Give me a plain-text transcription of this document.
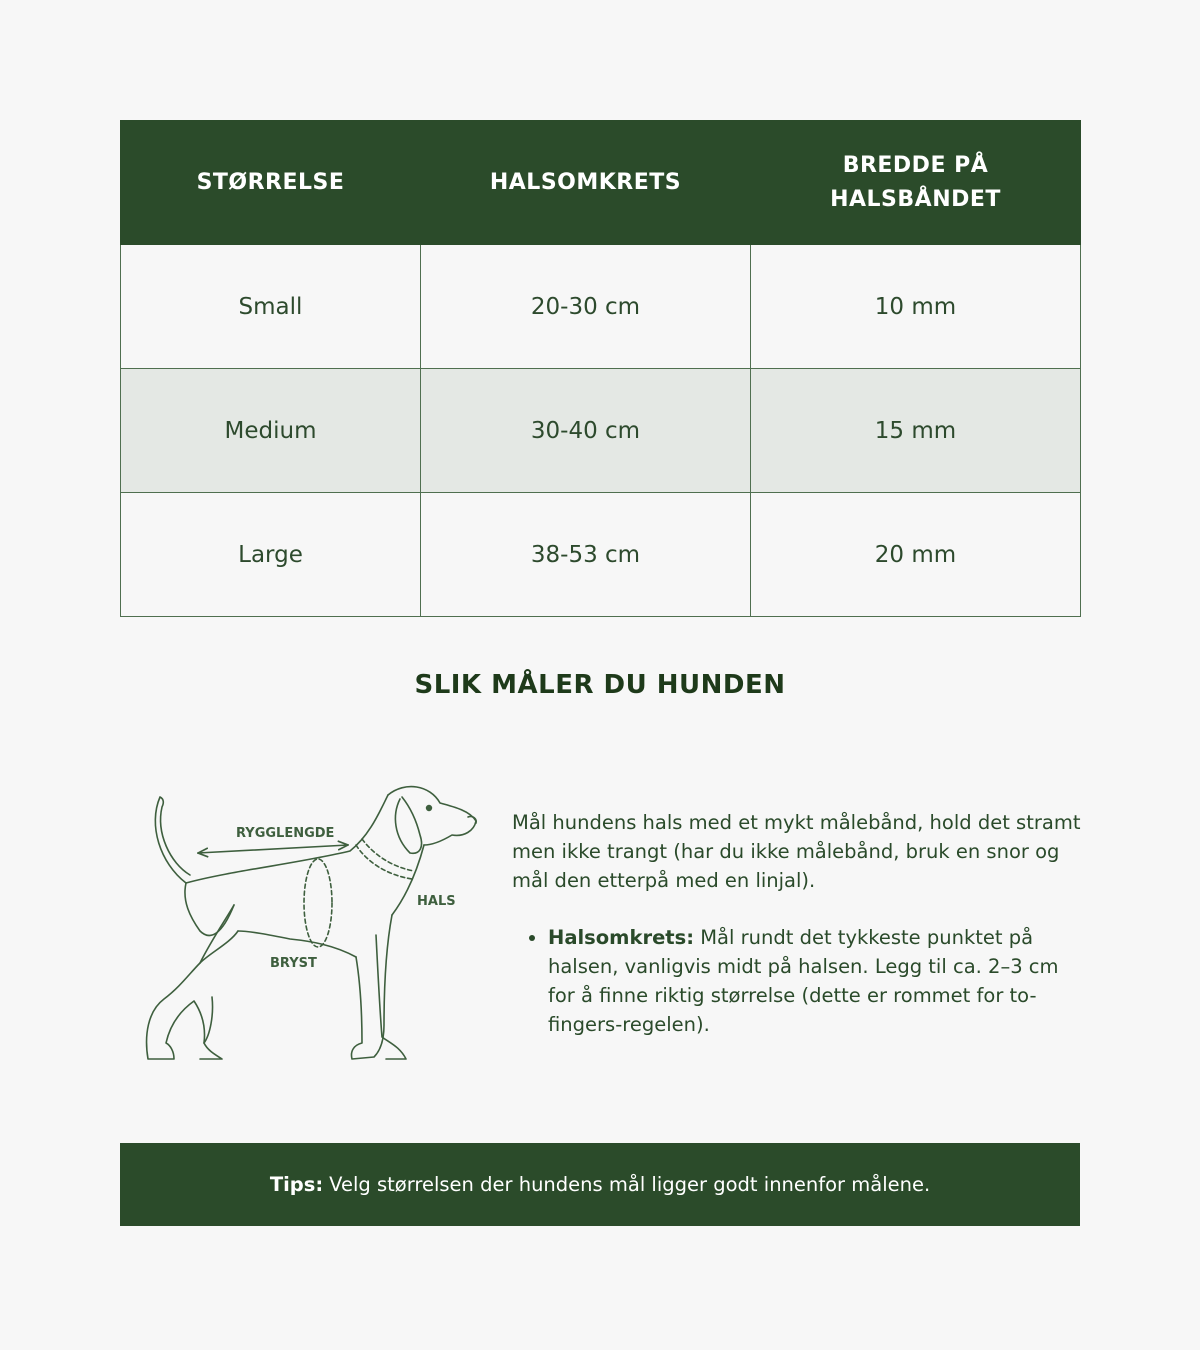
STØRRELSE	HALSOMKRETS	BREDDE PÅ HALSBÅNDET
Small	20-30 cm	10 mm
Medium	30-40 cm	15 mm
Large	38-53 cm	20 mm
SLIK MÅLER DU HUNDEN
RYGGLENGDE
HALS
BRYST

Mål hundens hals med et mykt målebånd, hold det stramt men ikke trangt (har du ikke målebånd, bruk en snor og mål den etterpå med en linjal).

• Halsomkrets: Mål rundt det tykkeste punktet på halsen, vanligvis midt på halsen. Legg til ca. 2–3 cm for å finne riktig størrelse (dette er rommet for to-fingers-regelen).
Tips: Velg størrelsen der hundens mål ligger godt innenfor målene.
